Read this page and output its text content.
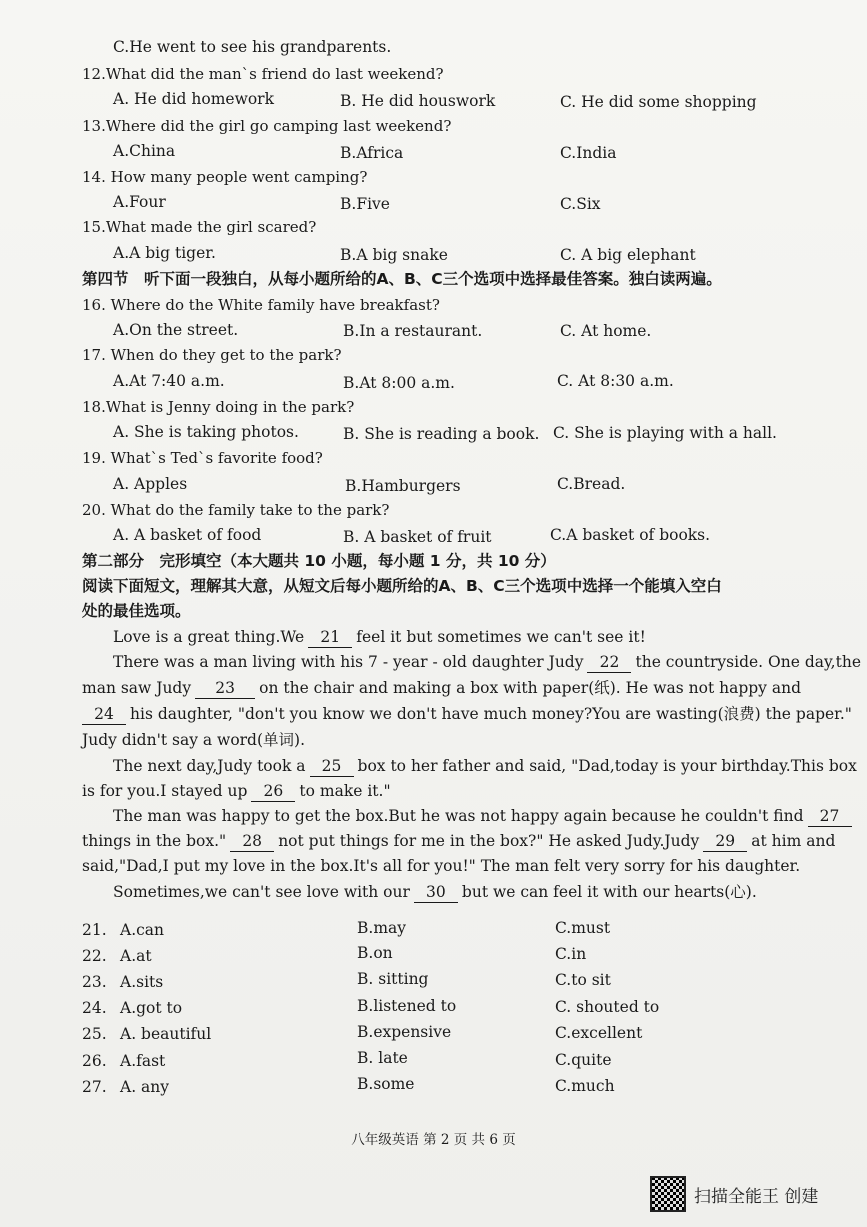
C.He went to see his grandparents.
12.What did the man`s friend do last weekend?
A. He did homework	B. He did houswork	C. He did some shopping
13.Where did the girl go camping last weekend?
A.China	B.Africa	C.India
14. How many people went camping?
A.Four	B.Five	C.Six
15.What made the girl scared?
A.A big tiger.	B.A big snake	C. A big elephant
第四节　听下面一段独白，从每小题所给的A、B、C三个选项中选择最佳答案。独白读两遍。
16. Where do the White family have breakfast?
A.On the street.	B.In a restaurant.	C. At home.
17. When do they get to the park?
A.At 7:40 a.m.	B.At 8:00 a.m.	C. At 8:30 a.m.
18.What is Jenny doing in the park?
A. She is taking photos.	B. She is reading a book. C. She is playing with a hall.
19. What`s Ted`s favorite food?
A. Apples	B.Hamburgers	C.Bread.
20. What do the family take to the park?
A. A basket of food	B. A basket of fruit	C.A basket of books.
第二部分　完形填空（本大题共 10 小题，每小题 1 分，共 10 分）
阅读下面短文，理解其大意，从短文后每小题所给的A、B、C三个选项中选择一个能填入空白
处的最佳选项。
Love is a great thing.We 21 feel it but sometimes we can't see it!
There was a man living with his 7 - year - old daughter Judy 22 the countryside. One day,the
man saw Judy 23 on the chair and making a box with paper(纸). He was not happy and
24 his daughter, "don't you know we don't have much money?You are wasting(浪费) the paper."
Judy didn't say a word(单词).
The next day,Judy took a 25 box to her father and said, "Dad,today is your birthday.This box
is for you.I stayed up 26 to make it."
The man was happy to get the box.But he was not happy again because he couldn't find 27
things in the box." 28 not put things for me in the box?" He asked Judy.Judy 29 at him and
said,"Dad,I put my love in the box.It's all for you!" The man felt very sorry for his daughter.
Sometimes,we can't see love with our 30 but we can feel it with our hearts(心).
21. A.can	B.may	C.must
22. A.at	B.on	C.in
23. A.sits	B. sitting	C.to sit
24. A.got to	B.listened to	C. shouted to
25. A. beautiful	B.expensive	C.excellent
26. A.fast	B. late	C.quite
27. A. any	B.some	C.much
八年级英语 第 2 页 共 6 页
扫描全能王 创建
